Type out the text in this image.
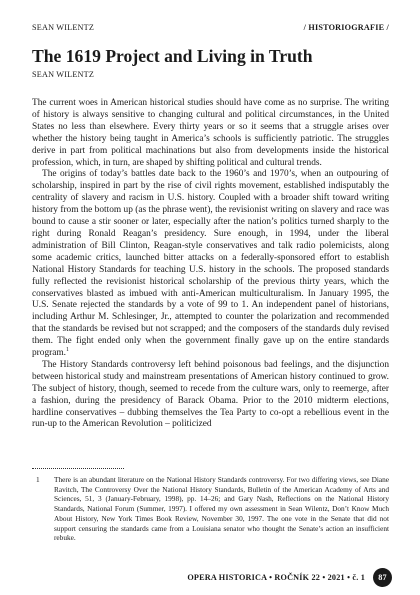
SEAN WILENTZ	/ HISTORIOGRAFIE /
The 1619 Project and Living in Truth
SEAN WILENTZ

The current woes in American historical studies should have come as no surprise. The writing of history is always sensitive to changing cultural and political circumstances, in the United States no less than elsewhere. Every thirty years or so it seems that a struggle arises over whether the history being taught in America’s schools is sufficiently patriotic. The struggles derive in part from political machinations but also from developments inside the historical profession, which, in turn, are shaped by shifting political and cultural trends.

The origins of today’s battles date back to the 1960’s and 1970’s, when an outpouring of scholarship, inspired in part by the rise of civil rights movement, established indisputably the centrality of slavery and racism in U.S. history. Coupled with a broader shift toward writing history from the bottom up (as the phrase went), the revisionist writing on slavery and race was bound to cause a stir sooner or later, especially after the nation’s politics turned sharply to the right during Ronald Reagan’s presidency. Sure enough, in 1994, under the liberal administration of Bill Clinton, Reagan-style conservatives and talk radio polemicists, along some academic critics, launched bitter attacks on a federally-sponsored effort to establish National History Standards for teaching U.S. history in the schools. The proposed standards fully reflected the revisionist historical scholarship of the previous thirty years, which the conservatives blasted as imbued with anti-American multiculturalism. In January 1995, the U.S. Senate rejected the standards by a vote of 99 to 1. An independent panel of historians, including Arthur M. Schlesinger, Jr., attempted to counter the polarization and recommended that the standards be revised but not scrapped; and the composers of the standards duly revised them. The fight ended only when the government finally gave up on the entire standards program.$^1$

The History Standards controversy left behind poisonous bad feelings, and the disjunction between historical study and mainstream presentations of American history continued to grow. The subject of history, though, seemed to recede from the culture wars, only to reemerge, after a fashion, during the presidency of Barack Obama. Prior to the 2010 midterm elections, hardline conservatives – dubbing themselves the Tea Party to co-opt a rebellious event in the run-up to the American Revolution – politicized

1 There is an abundant literature on the National History Standards controversy. For two differing views, see Diane Ravitch, The Controversy Over the National History Standards, Bulletin of the American Academy of Arts and Sciences, 51, 3 (January-February, 1998), pp. 14–26; and Gary Nash, Reflections on the National History Standards, National Forum (Summer, 1997). I offered my own assessment in Sean Wilentz, Don’t Know Much About History, New York Times Book Review, November 30, 1997. The one vote in the Senate that did not support censuring the standards came from a Louisiana senator who thought the Senate’s action an insufficient rebuke.
OPERA HISTORICA • ROČNÍK 22 • 2021 • č. 1	87
